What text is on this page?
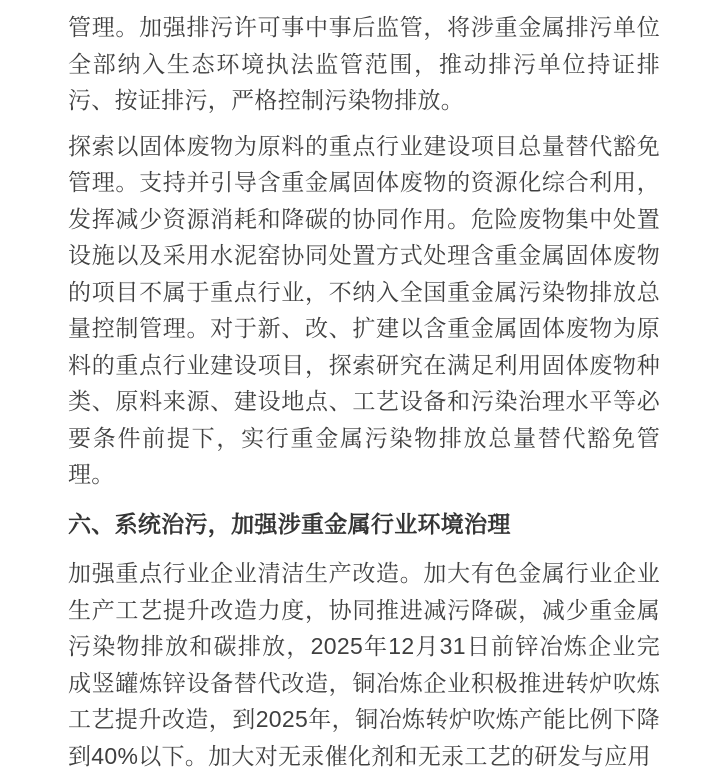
管理。加强排污许可事中事后监管，将涉重金属排污单位全部纳入生态环境执法监管范围，推动排污单位持证排污、按证排污，严格控制污染物排放。

探索以固体废物为原料的重点行业建设项目总量替代豁免管理。支持并引导含重金属固体废物的资源化综合利用，发挥减少资源消耗和降碳的协同作用。危险废物集中处置设施以及采用水泥窑协同处置方式处理含重金属固体废物的项目不属于重点行业，不纳入全国重金属污染物排放总量控制管理。对于新、改、扩建以含重金属固体废物为原料的重点行业建设项目，探索研究在满足利用固体废物种类、原料来源、建设地点、工艺设备和污染治理水平等必要条件前提下，实行重金属污染物排放总量替代豁免管理。

六、系统治污，加强涉重金属行业环境治理

加强重点行业企业清洁生产改造。加大有色金属行业企业生产工艺提升改造力度，协同推进减污降碳，减少重金属污染物排放和碳排放，2025年12月31日前锌冶炼企业完成竖罐炼锌设备替代改造，铜冶炼企业积极推进转炉吹炼工艺提升改造，到2025年，铜冶炼转炉吹炼产能比例下降到40%以下。加大对无汞催化剂和无汞工艺的研发与应用
